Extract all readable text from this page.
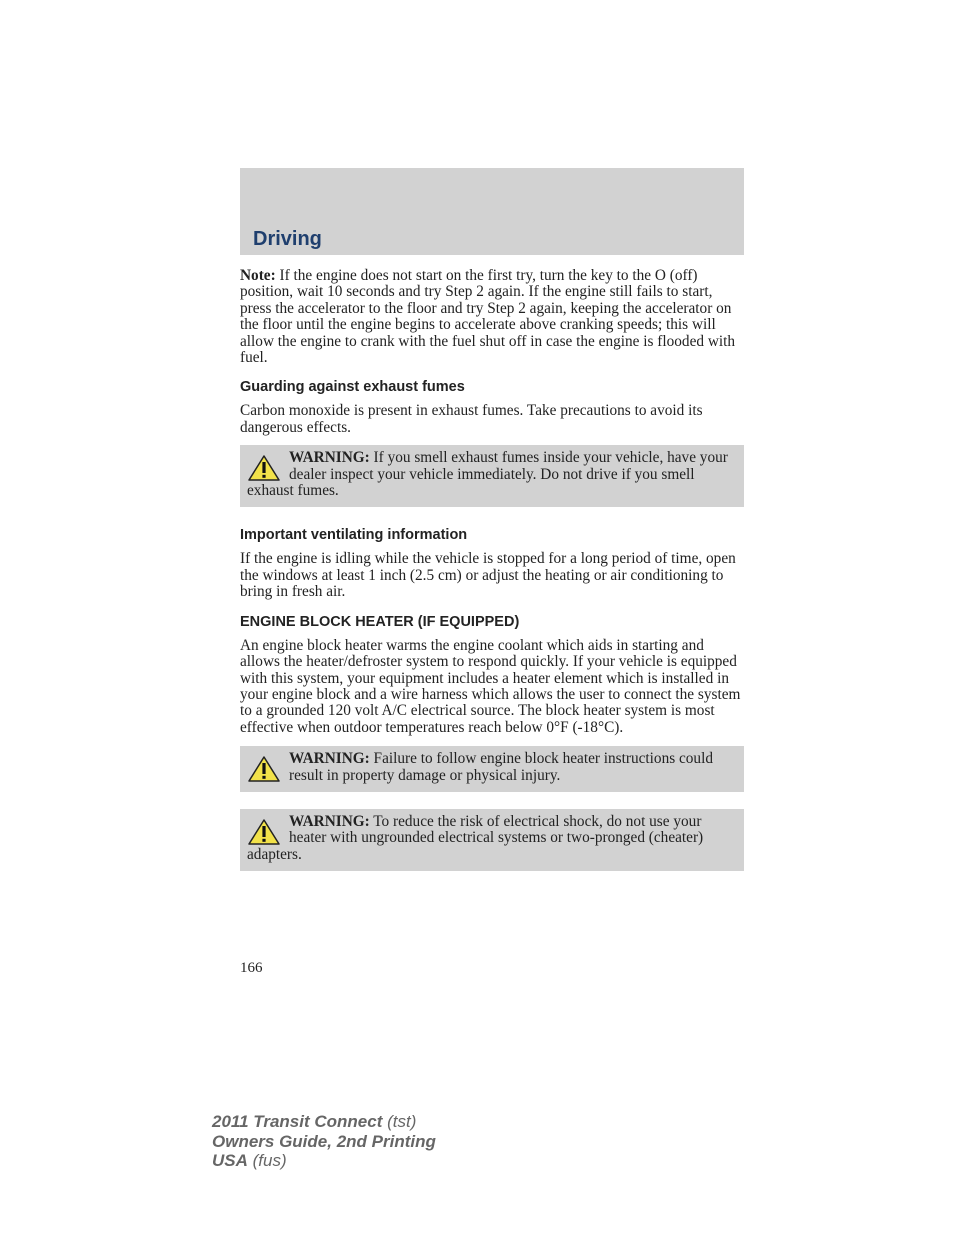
Driving

Note: If the engine does not start on the first try, turn the key to the O (off) position, wait 10 seconds and try Step 2 again. If the engine still fails to start, press the accelerator to the floor and try Step 2 again, keeping the accelerator on the floor until the engine begins to accelerate above cranking speeds; this will allow the engine to crank with the fuel shut off in case the engine is flooded with fuel.

Guarding against exhaust fumes

Carbon monoxide is present in exhaust fumes. Take precautions to avoid its dangerous effects.

WARNING: If you smell exhaust fumes inside your vehicle, have your dealer inspect your vehicle immediately. Do not drive if you smell exhaust fumes.
Important ventilating information

If the engine is idling while the vehicle is stopped for a long period of time, open the windows at least 1 inch (2.5 cm) or adjust the heating or air conditioning to bring in fresh air.

ENGINE BLOCK HEATER (IF EQUIPPED)

An engine block heater warms the engine coolant which aids in starting and allows the heater/defroster system to respond quickly. If your vehicle is equipped with this system, your equipment includes a heater element which is installed in your engine block and a wire harness which allows the user to connect the system to a grounded 120 volt A/C electrical source. The block heater system is most effective when outdoor temperatures reach below 0°F (-18°C).

WARNING: Failure to follow engine block heater instructions could result in property damage or physical injury.
WARNING: To reduce the risk of electrical shock, do not use your heater with ungrounded electrical systems or two-pronged (cheater) adapters.
166
2011 Transit Connect (tst)
Owners Guide, 2nd Printing
USA (fus)
